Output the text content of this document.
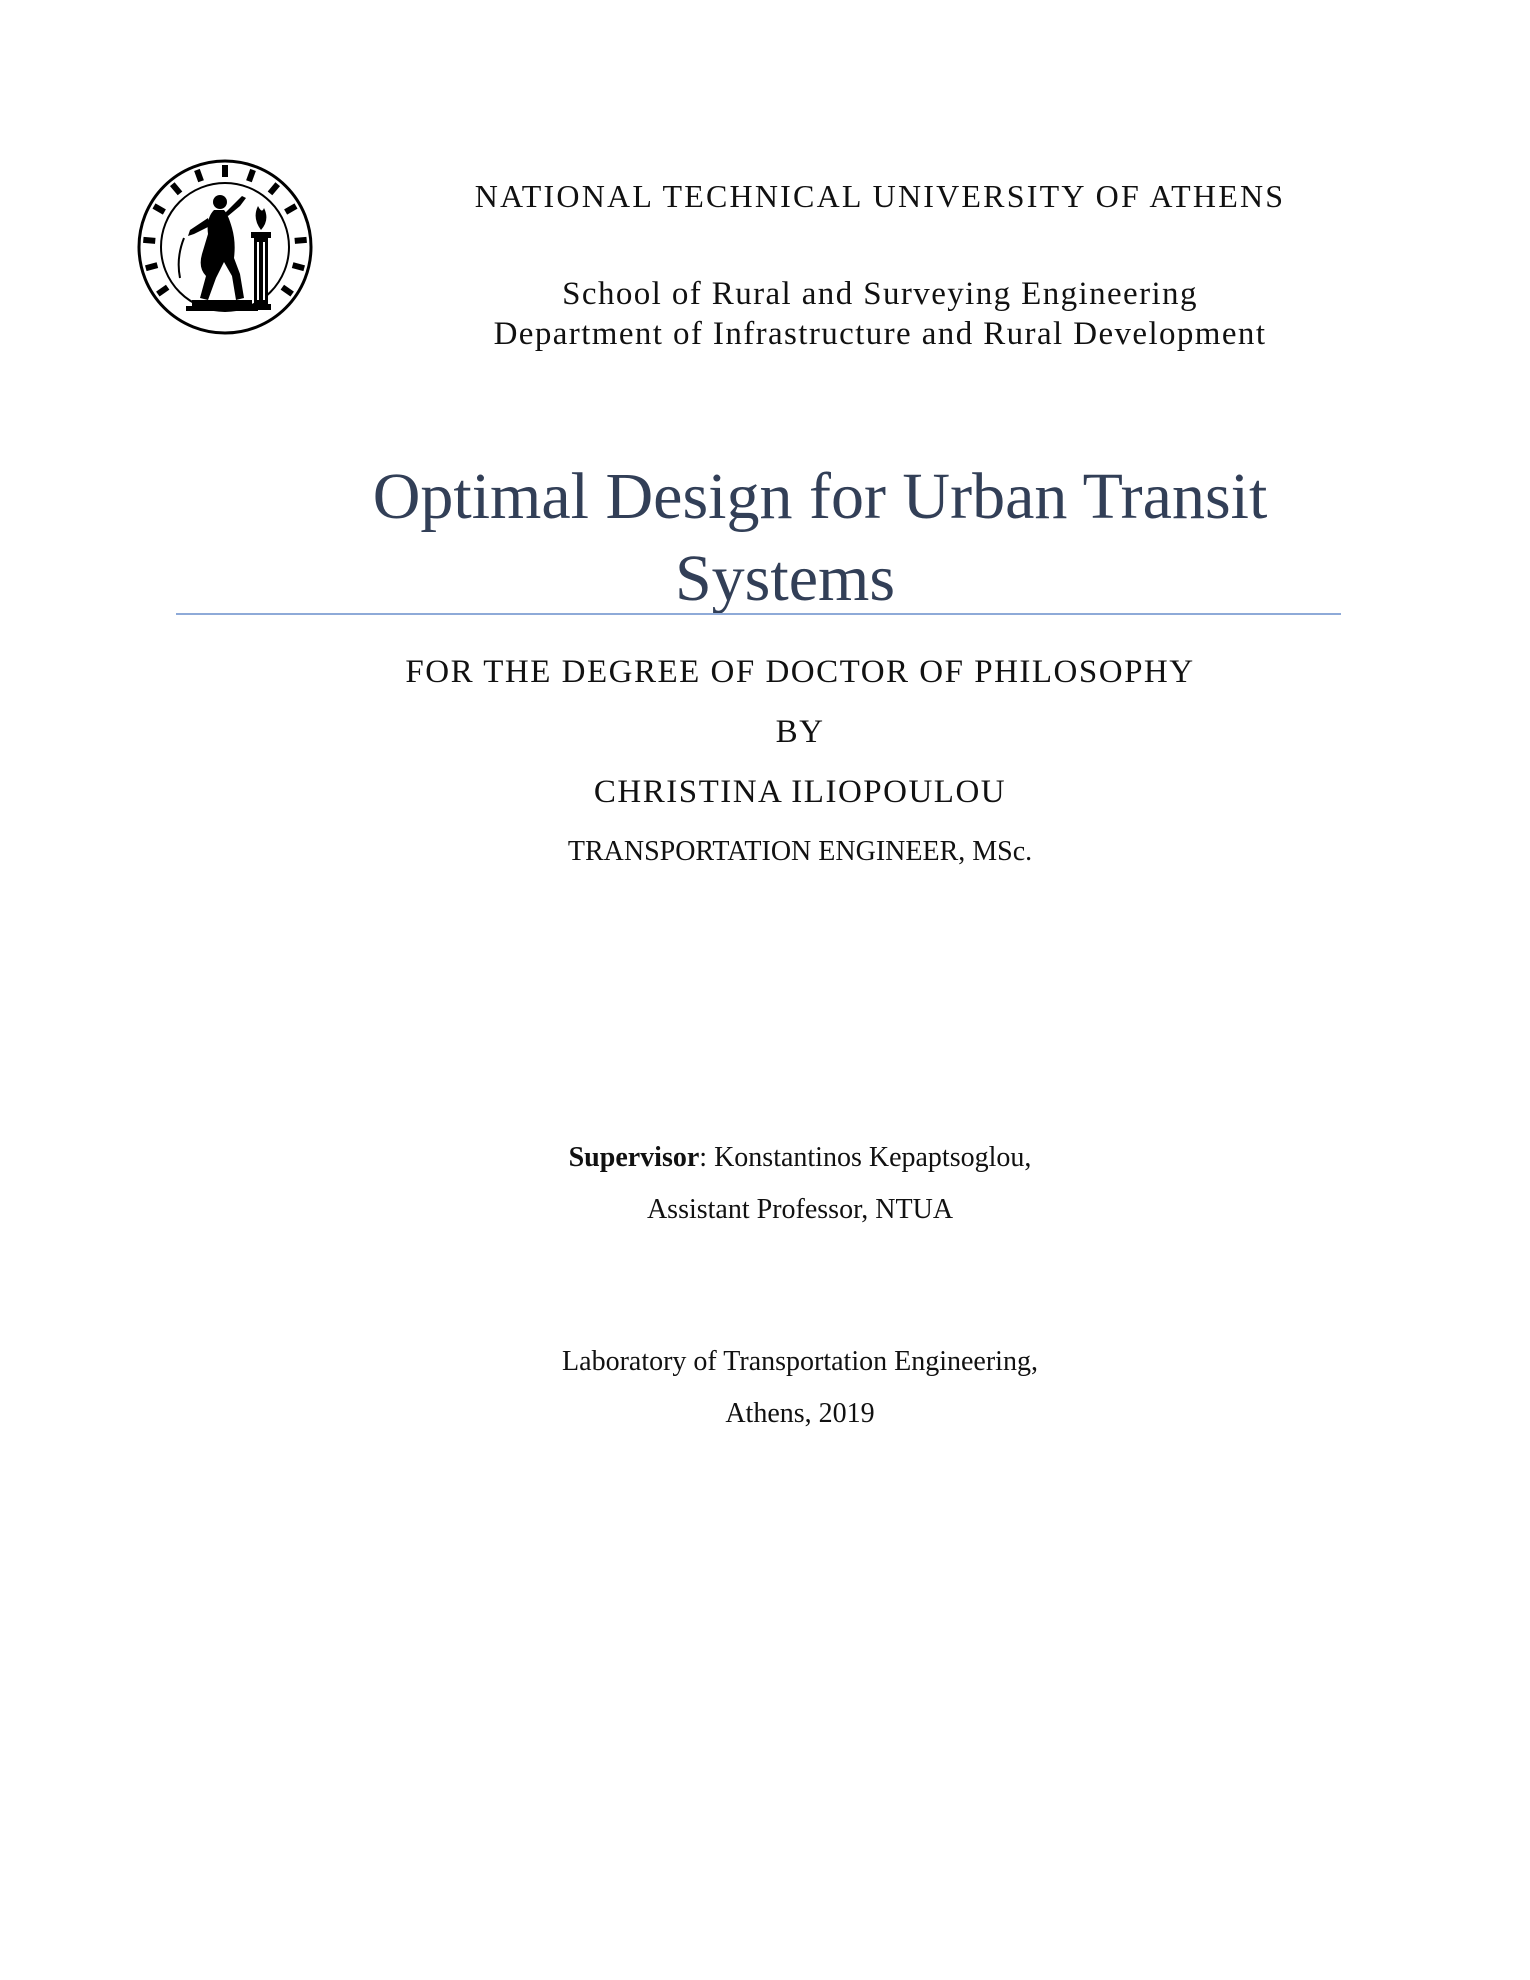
NATIONAL TECHNICAL UNIVERSITY OF ATHENS
School of Rural and Surveying Engineering
Department of Infrastructure and Rural Development
Optimal Design for Urban Transit
Systems
FOR THE DEGREE OF DOCTOR OF PHILOSOPHY
BY
CHRISTINA ILIOPOULOU
TRANSPORTATION ENGINEER, MSc.
Supervisor: Konstantinos Kepaptsoglou,
Assistant Professor, NTUA
Laboratory of Transportation Engineering,
Athens, 2019
